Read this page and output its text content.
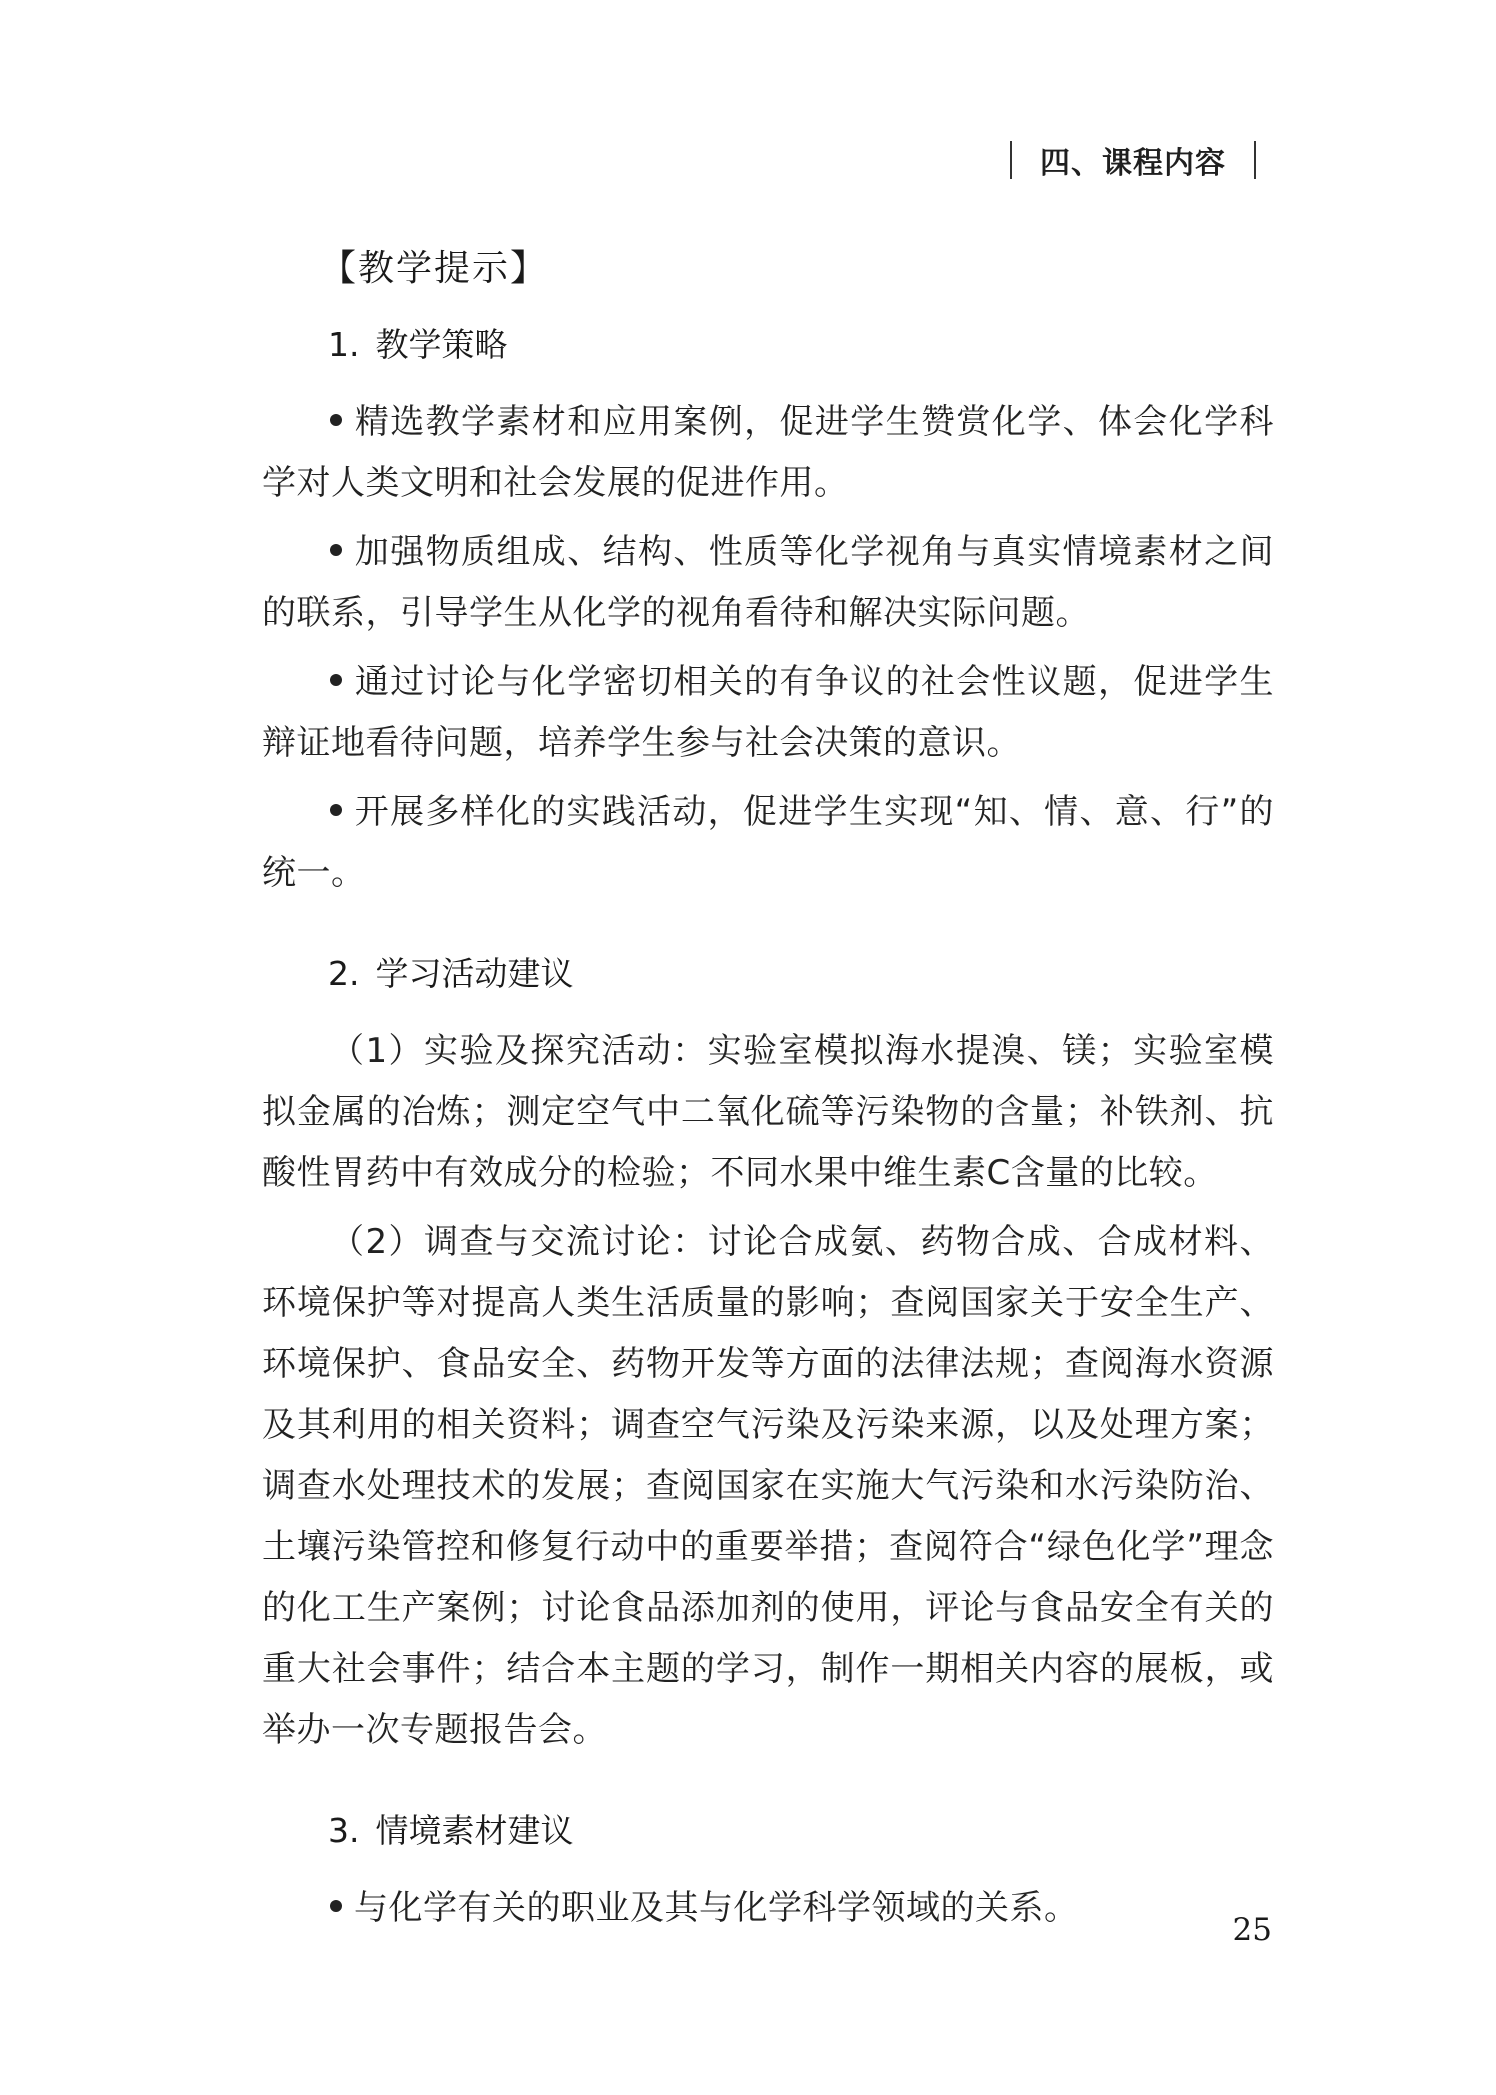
四、课程内容
【教学提示】
1. 教学策略

精选教学素材和应用案例，促进学生赞赏化学、体会化学科学对人类文明和社会发展的促进作用。

加强物质组成、结构、性质等化学视角与真实情境素材之间的联系，引导学生从化学的视角看待和解决实际问题。

通过讨论与化学密切相关的有争议的社会性议题，促进学生辩证地看待问题，培养学生参与社会决策的意识。

开展多样化的实践活动，促进学生实现“知、情、意、行”的统一。

2. 学习活动建议

（1）实验及探究活动：实验室模拟海水提溴、镁；实验室模拟金属的冶炼；测定空气中二氧化硫等污染物的含量；补铁剂、抗酸性胃药中有效成分的检验；不同水果中维生素C含量的比较。

（2）调查与交流讨论：讨论合成氨、药物合成、合成材料、环境保护等对提高人类生活质量的影响；查阅国家关于安全生产、环境保护、食品安全、药物开发等方面的法律法规；查阅海水资源及其利用的相关资料；调查空气污染及污染来源，以及处理方案；调查水处理技术的发展；查阅国家在实施大气污染和水污染防治、土壤污染管控和修复行动中的重要举措；查阅符合“绿色化学”理念的化工生产案例；讨论食品添加剂的使用，评论与食品安全有关的重大社会事件；结合本主题的学习，制作一期相关内容的展板，或举办一次专题报告会。

3. 情境素材建议

与化学有关的职业及其与化学科学领域的关系。

25
